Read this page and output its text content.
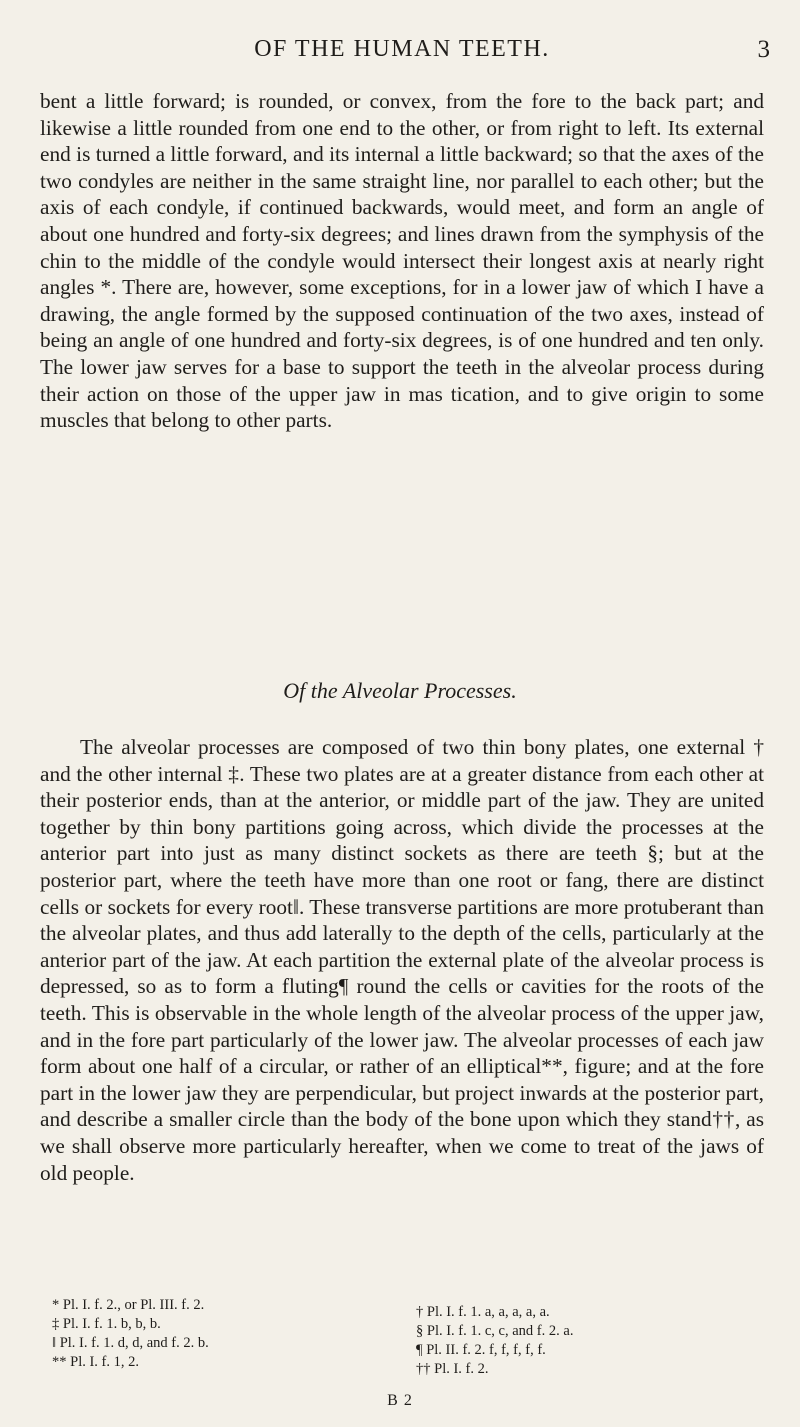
OF THE HUMAN TEETH.	3

bent a little forward; is rounded, or convex, from the fore to the back part; and likewise a little rounded from one end to the other, or from right to left. Its external end is turned a little forward, and its internal a little backward; so that the axes of the two condyles are neither in the same straight line, nor parallel to each other; but the axis of each condyle, if continued backwards, would meet, and form an angle of about one hundred and forty-six degrees; and lines drawn from the symphysis of the chin to the middle of the condyle would intersect their longest axis at nearly right angles *. There are, however, some exceptions, for in a lower jaw of which I have a drawing, the angle formed by the supposed continuation of the two axes, instead of being an angle of one hundred and forty-six degrees, is of one hundred and ten only. The lower jaw serves for a base to support the teeth in the alveolar process during their action on those of the upper jaw in mas tication, and to give origin to some muscles that belong to other parts.

Of the Alveolar Processes.

The alveolar processes are composed of two thin bony plates, one external † and the other internal ‡. These two plates are at a greater distance from each other at their posterior ends, than at the anterior, or middle part of the jaw. They are united together by thin bony partitions going across, which divide the processes at the anterior part into just as many distinct sockets as there are teeth §; but at the posterior part, where the teeth have more than one root or fang, there are distinct cells or sockets for every root‖. These transverse partitions are more protuberant than the alveolar plates, and thus add laterally to the depth of the cells, particularly at the anterior part of the jaw. At each partition the external plate of the alveolar process is depressed, so as to form a fluting¶ round the cells or cavities for the roots of the teeth. This is observable in the whole length of the alveolar process of the upper jaw, and in the fore part particularly of the lower jaw. The alveolar processes of each jaw form about one half of a circular, or rather of an elliptical**, figure; and at the fore part in the lower jaw they are perpendicular, but project inwards at the posterior part, and describe a smaller circle than the body of the bone upon which they stand††, as we shall observe more particularly hereafter, when we come to treat of the jaws of old people.

* Pl. I. f. 2., or Pl. III. f. 2.
‡ Pl. I. f. 1. b, b, b.
‖ Pl. I. f. 1. d, d, and f. 2. b.
** Pl. I. f. 1, 2.
† Pl. I. f. 1. a, a, a, a, a.
§ Pl. I. f. 1. c, c, and f. 2. a.
¶ Pl. II. f. 2. f, f, f, f, f.
†† Pl. I. f. 2.
B 2
